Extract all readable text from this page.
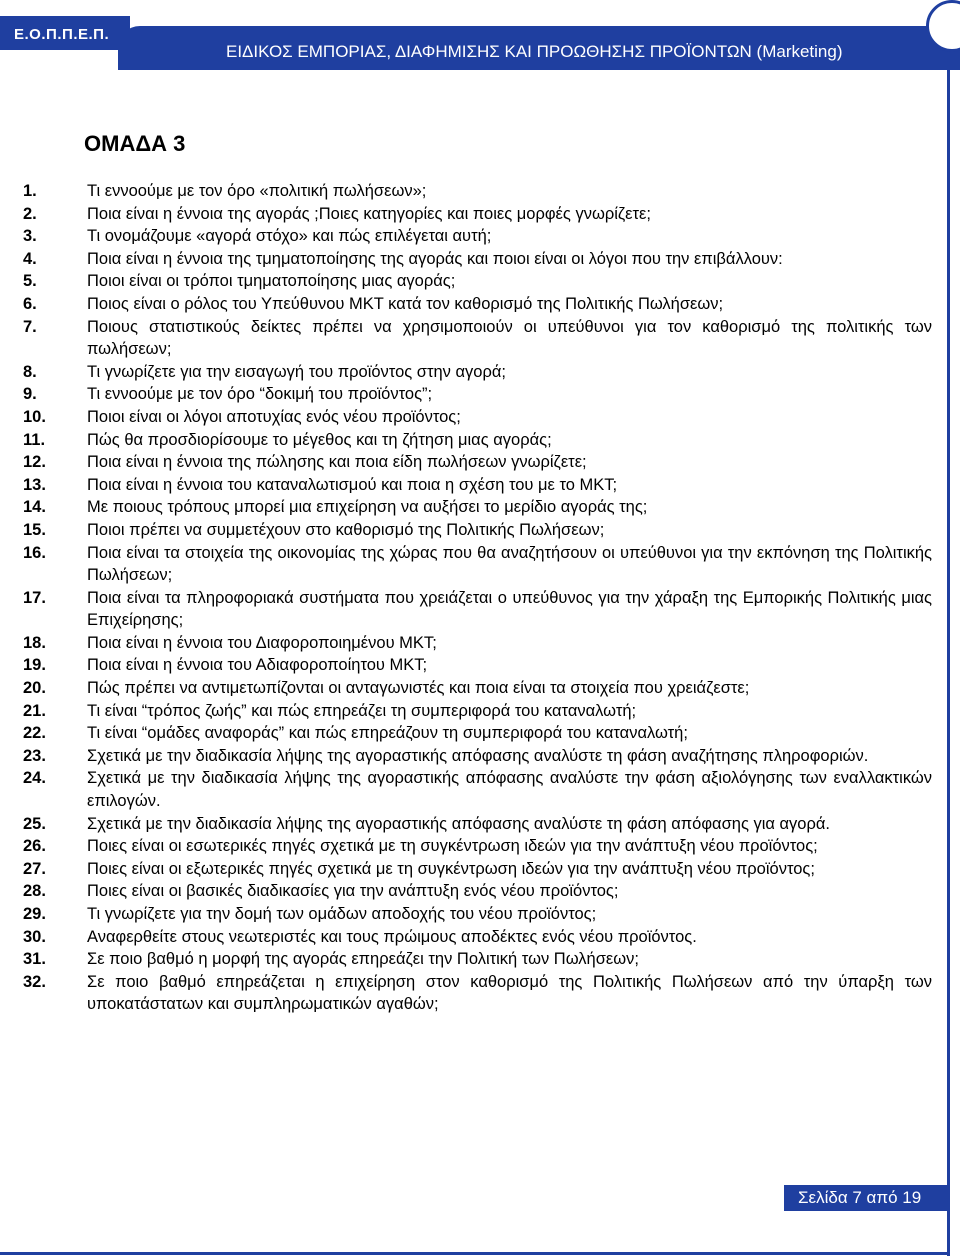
ΕΙΔΙΚΟΣ ΕΜΠΟΡΙΑΣ, ΔΙΑΦΗΜΙΣΗΣ ΚΑΙ ΠΡΟΩΘΗΣΗΣ ΠΡΟΪΟΝΤΩΝ (Marketing)
Ε.Ο.Π.Π.Ε.Π.
ΟΜΑΔΑ 3
1.	Τι εννοούμε με τον όρο «πολιτική πωλήσεων»;
2.	Ποια είναι η έννοια της αγοράς ;Ποιες κατηγορίες και ποιες μορφές γνωρίζετε;
3.	Τι ονομάζουμε «αγορά στόχο» και πώς επιλέγεται αυτή;
4.	Ποια είναι η έννοια της τμηματοποίησης της αγοράς και ποιοι είναι οι λόγοι που την επιβάλλουν:
5.	Ποιοι είναι οι τρόποι τμηματοποίησης μιας αγοράς;
6.	Ποιος είναι ο ρόλος του Υπεύθυνου ΜΚΤ κατά τον καθορισμό της Πολιτικής Πωλήσεων;
7.	Ποιους στατιστικούς δείκτες πρέπει να χρησιμοποιούν οι υπεύθυνοι για τον καθορισμό της πολιτικής των πωλήσεων;
8.	Τι γνωρίζετε για την εισαγωγή του προϊόντος στην αγορά;
9.	Τι εννοούμε με τον όρο “δοκιμή του προϊόντος”;
10. Ποιοι είναι οι λόγοι αποτυχίας ενός νέου προϊόντος;
11.	Πώς θα προσδιορίσουμε το μέγεθος και τη ζήτηση μιας αγοράς;
12. Ποια είναι η έννοια της πώλησης και ποια είδη πωλήσεων γνωρίζετε;
13. Ποια είναι η έννοια του καταναλωτισμού και ποια η σχέση του με το ΜΚΤ;
14. Με ποιους τρόπους μπορεί μια επιχείρηση να αυξήσει το μερίδιο αγοράς της;
15. Ποιοι πρέπει να συμμετέχουν στο καθορισμό της Πολιτικής Πωλήσεων;
16. Ποια είναι τα στοιχεία της οικονομίας της χώρας που θα αναζητήσουν οι υπεύθυνοι για την εκπόνηση της Πολιτικής Πωλήσεων;
17. Ποια είναι τα πληροφοριακά συστήματα που χρειάζεται ο υπεύθυνος για την χάραξη της Εμπορικής Πολιτικής μιας Επιχείρησης;
18. Ποια είναι η έννοια του Διαφοροποιημένου ΜΚΤ;
19. Ποια είναι η έννοια του Αδιαφοροποίητου ΜΚΤ;
20. Πώς πρέπει να αντιμετωπίζονται οι ανταγωνιστές και ποια είναι τα στοιχεία που χρειάζεστε;
21. Τι είναι “τρόπος ζωής” και πώς επηρεάζει τη συμπεριφορά του καταναλωτή;
22. Τι είναι “ομάδες αναφοράς” και πώς επηρεάζουν τη συμπεριφορά του καταναλωτή;
23. Σχετικά με την διαδικασία λήψης της αγοραστικής απόφασης αναλύστε τη φάση αναζήτησης πληροφοριών.
24. Σχετικά με την διαδικασία λήψης της αγοραστικής απόφασης αναλύστε την φάση αξιολόγησης των εναλλακτικών επιλογών.
25. Σχετικά με την διαδικασία λήψης της αγοραστικής απόφασης αναλύστε τη φάση απόφασης για αγορά.
26. Ποιες είναι οι εσωτερικές πηγές σχετικά με τη συγκέντρωση ιδεών για την ανάπτυξη νέου προϊόντος;
27. Ποιες είναι οι εξωτερικές πηγές σχετικά με τη συγκέντρωση ιδεών για την ανάπτυξη νέου προϊόντος;
28. Ποιες είναι οι βασικές διαδικασίες για την ανάπτυξη ενός νέου προϊόντος;
29. Τι γνωρίζετε για την δομή των ομάδων αποδοχής του νέου προϊόντος;
30. Αναφερθείτε στους νεωτεριστές και τους πρώιμους αποδέκτες ενός νέου προϊόντος.
31. Σε ποιο βαθμό η μορφή της αγοράς επηρεάζει την Πολιτική των Πωλήσεων;
32. Σε ποιο βαθμό επηρεάζεται η επιχείρηση στον καθορισμό της Πολιτικής Πωλήσεων από την ύπαρξη των υποκατάστατων και συμπληρωματικών αγαθών;
Σελίδα 7 από 19
